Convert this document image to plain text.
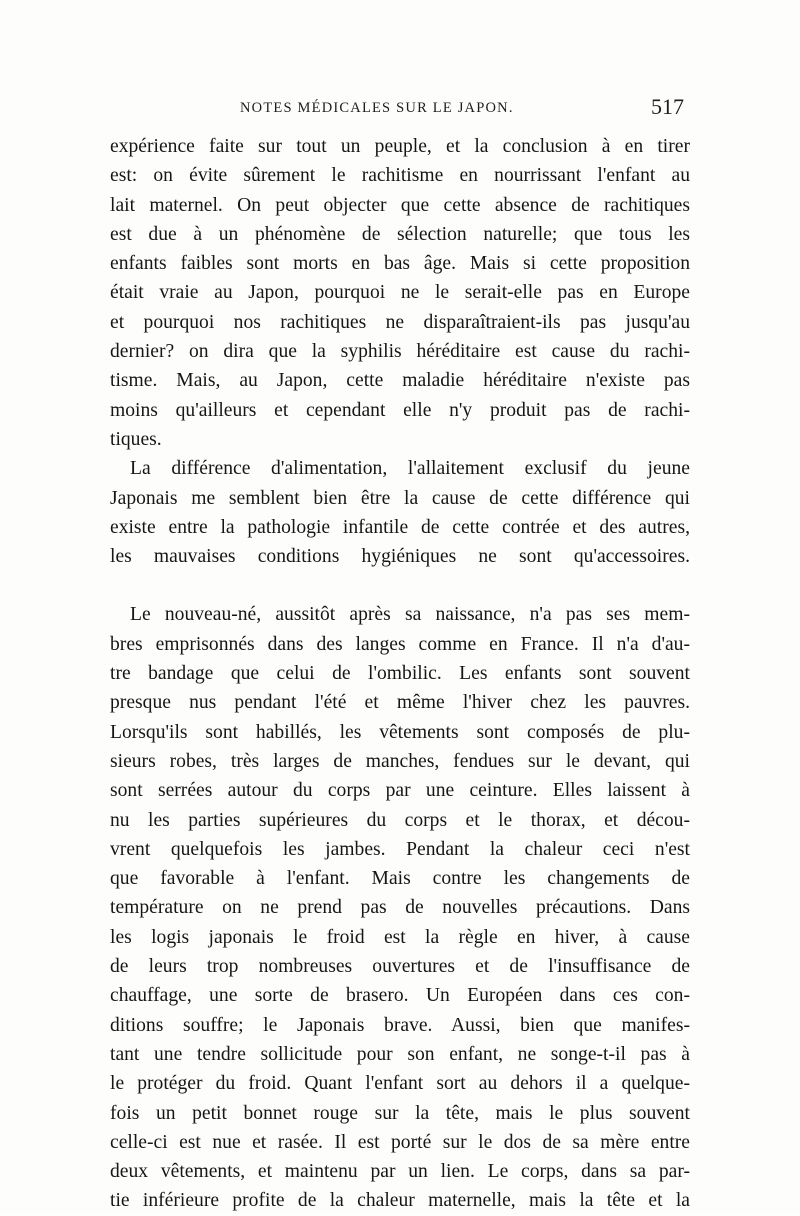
NOTES MÉDICALES SUR LE JAPON.	517

expérience faite sur tout un peuple, et la conclusion à en tirer
est: on évite sûrement le rachitisme en nourrissant l'enfant au
lait maternel. On peut objecter que cette absence de rachitiques
est due à un phénomène de sélection naturelle; que tous les
enfants faibles sont morts en bas âge. Mais si cette proposition
était vraie au Japon, pourquoi ne le serait-elle pas en Europe
et pourquoi nos rachitiques ne disparaîtraient-ils pas jusqu'au
dernier? on dira que la syphilis héréditaire est cause du rachi-
tisme. Mais, au Japon, cette maladie héréditaire n'existe pas
moins qu'ailleurs et cependant elle n'y produit pas de rachi-
tiques.

La différence d'alimentation, l'allaitement exclusif du jeune
Japonais me semblent bien être la cause de cette différence qui
existe entre la pathologie infantile de cette contrée et des autres,
les mauvaises conditions hygiéniques ne sont qu'accessoires.

Le nouveau-né, aussitôt après sa naissance, n'a pas ses mem-
bres emprisonnés dans des langes comme en France. Il n'a d'au-
tre bandage que celui de l'ombilic. Les enfants sont souvent
presque nus pendant l'été et même l'hiver chez les pauvres.
Lorsqu'ils sont habillés, les vêtements sont composés de plu-
sieurs robes, très larges de manches, fendues sur le devant, qui
sont serrées autour du corps par une ceinture. Elles laissent à
nu les parties supérieures du corps et le thorax, et décou-
vrent quelquefois les jambes. Pendant la chaleur ceci n'est
que favorable à l'enfant. Mais contre les changements de
température on ne prend pas de nouvelles précautions. Dans
les logis japonais le froid est la règle en hiver, à cause
de leurs trop nombreuses ouvertures et de l'insuffisance de
chauffage, une sorte de brasero. Un Européen dans ces con-
ditions souffre; le Japonais brave. Aussi, bien que manifes-
tant une tendre sollicitude pour son enfant, ne songe-t-il pas à
le protéger du froid. Quant l'enfant sort au dehors il a quelque-
fois un petit bonnet rouge sur la tête, mais le plus souvent
celle-ci est nue et rasée. Il est porté sur le dos de sa mère entre
deux vêtements, et maintenu par un lien. Le corps, dans sa par-
tie inférieure profite de la chaleur maternelle, mais la tête et la
